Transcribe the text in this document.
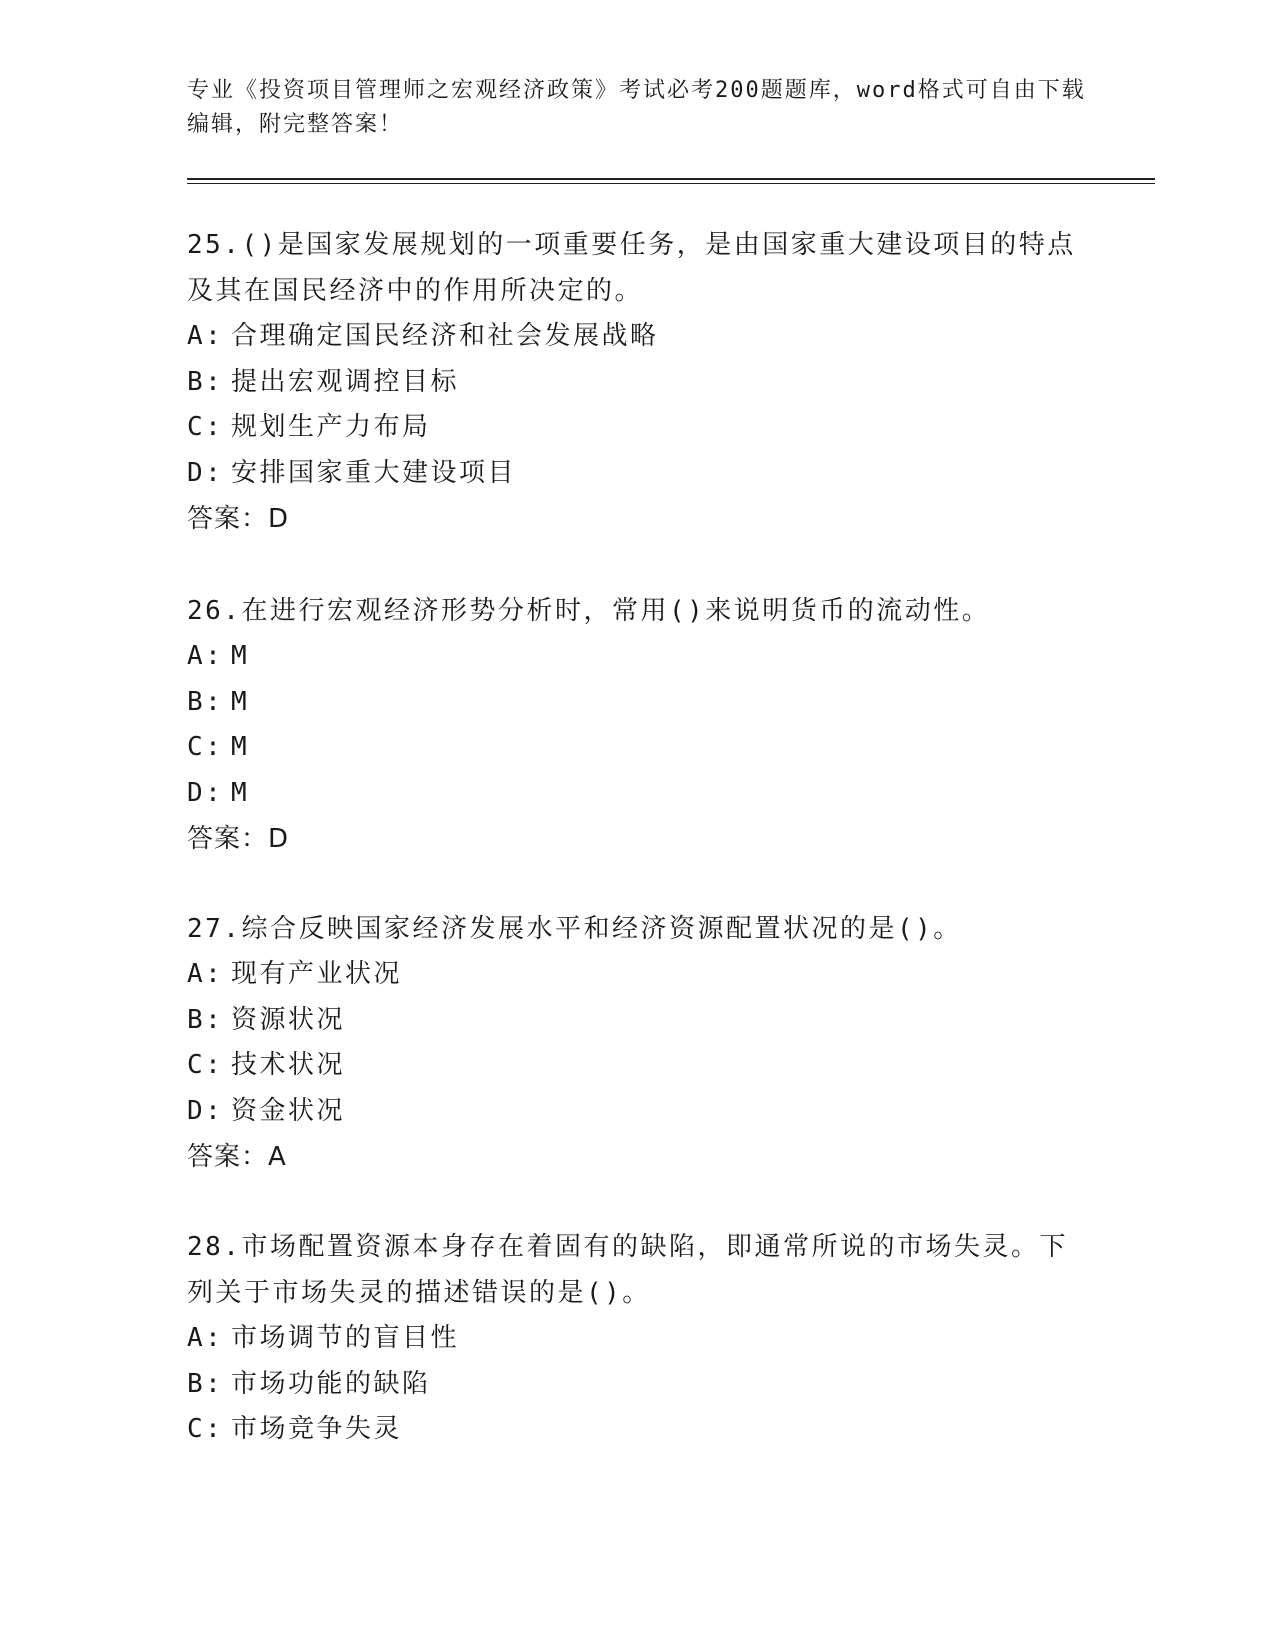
专业《投资项目管理师之宏观经济政策》考试必考200题题库，word格式可自由下载编辑，附完整答案！

25.()是国家发展规划的一项重要任务，是由国家重大建设项目的特点及其在国民经济中的作用所决定的。

A: 合理确定国民经济和社会发展战略

B: 提出宏观调控目标

C: 规划生产力布局

D: 安排国家重大建设项目

答案：D

26.在进行宏观经济形势分析时，常用()来说明货币的流动性。

A: M

B: M

C: M

D: M

答案：D

27.综合反映国家经济发展水平和经济资源配置状况的是()。

A: 现有产业状况

B: 资源状况

C: 技术状况

D: 资金状况

答案：A

28.市场配置资源本身存在着固有的缺陷，即通常所说的市场失灵。下列关于市场失灵的描述错误的是()。

A: 市场调节的盲目性

B: 市场功能的缺陷

C: 市场竞争失灵
